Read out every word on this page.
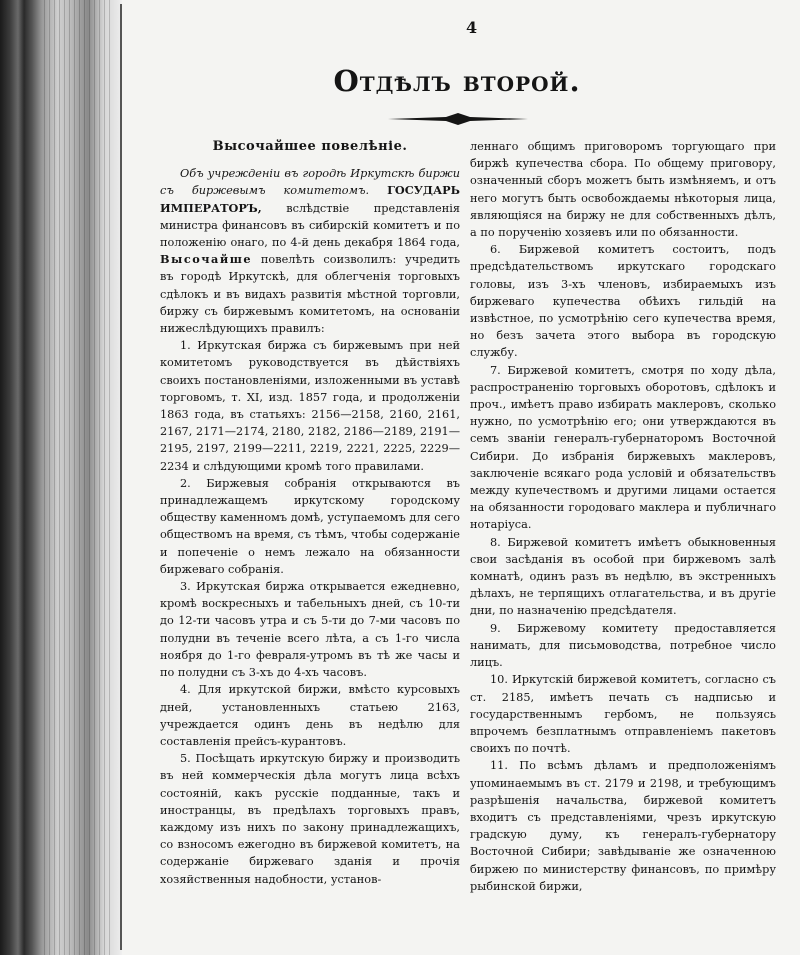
4
Отдѣлъ второй.

Высочайшее повелѣніе.

Объ учрежденіи въ городѣ Иркутскѣ биржи съ биржевымъ комитетомъ. ГОСУДАРЬ ИМПЕРАТОРЪ, вслѣдствіе представленія министра финансовъ въ сибирскій комитетъ и по положенію онаго, по 4-й день декабря 1864 года, Высочайше повелѣть соизволилъ: учредить въ городѣ Иркутскѣ, для облегченія торговыхъ сдѣлокъ и въ видахъ развитія мѣстной торговли, биржу съ биржевымъ комитетомъ, на основаніи нижеслѣдующихъ правилъ:

1. Иркутская биржа съ биржевымъ при ней комитетомъ руководствуется въ дѣйствіяхъ своихъ постановленіями, изложенными въ уставѣ торговомъ, т. XI, изд. 1857 года, и продолженіи 1863 года, въ статьяхъ: 2156—2158, 2160, 2161, 2167, 2171—2174, 2180, 2182, 2186—2189, 2191—2195, 2197, 2199—2211, 2219, 2221, 2225, 2229—2234 и слѣдующими кромѣ того правилами.

2. Биржевыя собранія открываются въ принадлежащемъ иркутскому городскому обществу каменномъ домѣ, уступаемомъ для сего обществомъ на время, съ тѣмъ, чтобы содержаніе и попеченіе о немъ лежало на обязанности биржеваго собранія.

3. Иркутская биржа открывается ежедневно, кромѣ воскресныхъ и табельныхъ дней, съ 10-ти до 12-ти часовъ утра и съ 5-ти до 7-ми часовъ по полудни въ теченіе всего лѣта, а съ 1-го числа ноября до 1-го февраля-утромъ въ тѣ же часы и по полудни съ 3-хъ до 4-хъ часовъ.

4. Для иркутской биржи, вмѣсто курсовыхъ дней, установленныхъ статьею 2163, учреждается одинъ день въ недѣлю для составленія прейсъ-курантовъ.

5. Посѣщать иркутскую биржу и производить въ ней коммерческія дѣла могутъ лица всѣхъ состояній, какъ русскіе подданные, такъ и иностранцы, въ предѣлахъ торговыхъ правъ, каждому изъ нихъ по закону принадлежащихъ, со взносомъ ежегодно въ биржевой комитетъ, на содержаніе биржеваго зданія и прочія хозяйственныя надобности, установ-

леннаго общимъ приговоромъ торгующаго при биржѣ купечества сбора. По общему приговору, означенный сборъ можетъ быть измѣняемъ, и отъ него могутъ быть освобождаемы нѣкоторыя лица, являющіяся на биржу не для собственныхъ дѣлъ, а по порученію хозяевъ или по обязанности.

6. Биржевой комитетъ состоитъ, подъ предсѣдательствомъ иркутскаго городскаго головы, изъ 3-хъ членовъ, избираемыхъ изъ биржеваго купечества обѣихъ гильдій на извѣстное, по усмотрѣнію сего купечества время, но безъ зачета этого выбора въ городскую службу.

7. Биржевой комитетъ, смотря по ходу дѣла, распространенію торговыхъ оборотовъ, сдѣлокъ и проч., имѣетъ право избирать маклеровъ, сколько нужно, по усмотрѣнію его; они утверждаются въ семъ званіи генералъ-губернаторомъ Восточной Сибири. До избранія биржевыхъ маклеровъ, заключеніе всякаго рода условій и обязательствъ между купечествомъ и другими лицами остается на обязанности городоваго маклера и публичнаго нотаріуса.

8. Биржевой комитетъ имѣетъ обыкновенныя свои засѣданія въ особой при биржевомъ залѣ комнатѣ, одинъ разъ въ недѣлю, въ экстренныхъ дѣлахъ, не терпящихъ отлагательства, и въ другіе дни, по назначенію предсѣдателя.

9. Биржевому комитету предоставляется нанимать, для письмоводства, потребное число лицъ.

10. Иркутскій биржевой комитетъ, согласно съ ст. 2185, имѣетъ печать съ надписью и государственнымъ гербомъ, не пользуясь впрочемъ безплатнымъ отправленіемъ пакетовъ своихъ по почтѣ.

11. По всѣмъ дѣламъ и предположеніямъ упоминаемымъ въ ст. 2179 и 2198, и требующимъ разрѣшенія начальства, биржевой комитетъ входитъ съ представленіями, чрезъ иркутскую градскую думу, къ генералъ-губернатору Восточной Сибири; завѣдываніе же означенною биржею по министерству финансовъ, по примѣру рыбинской биржи,
